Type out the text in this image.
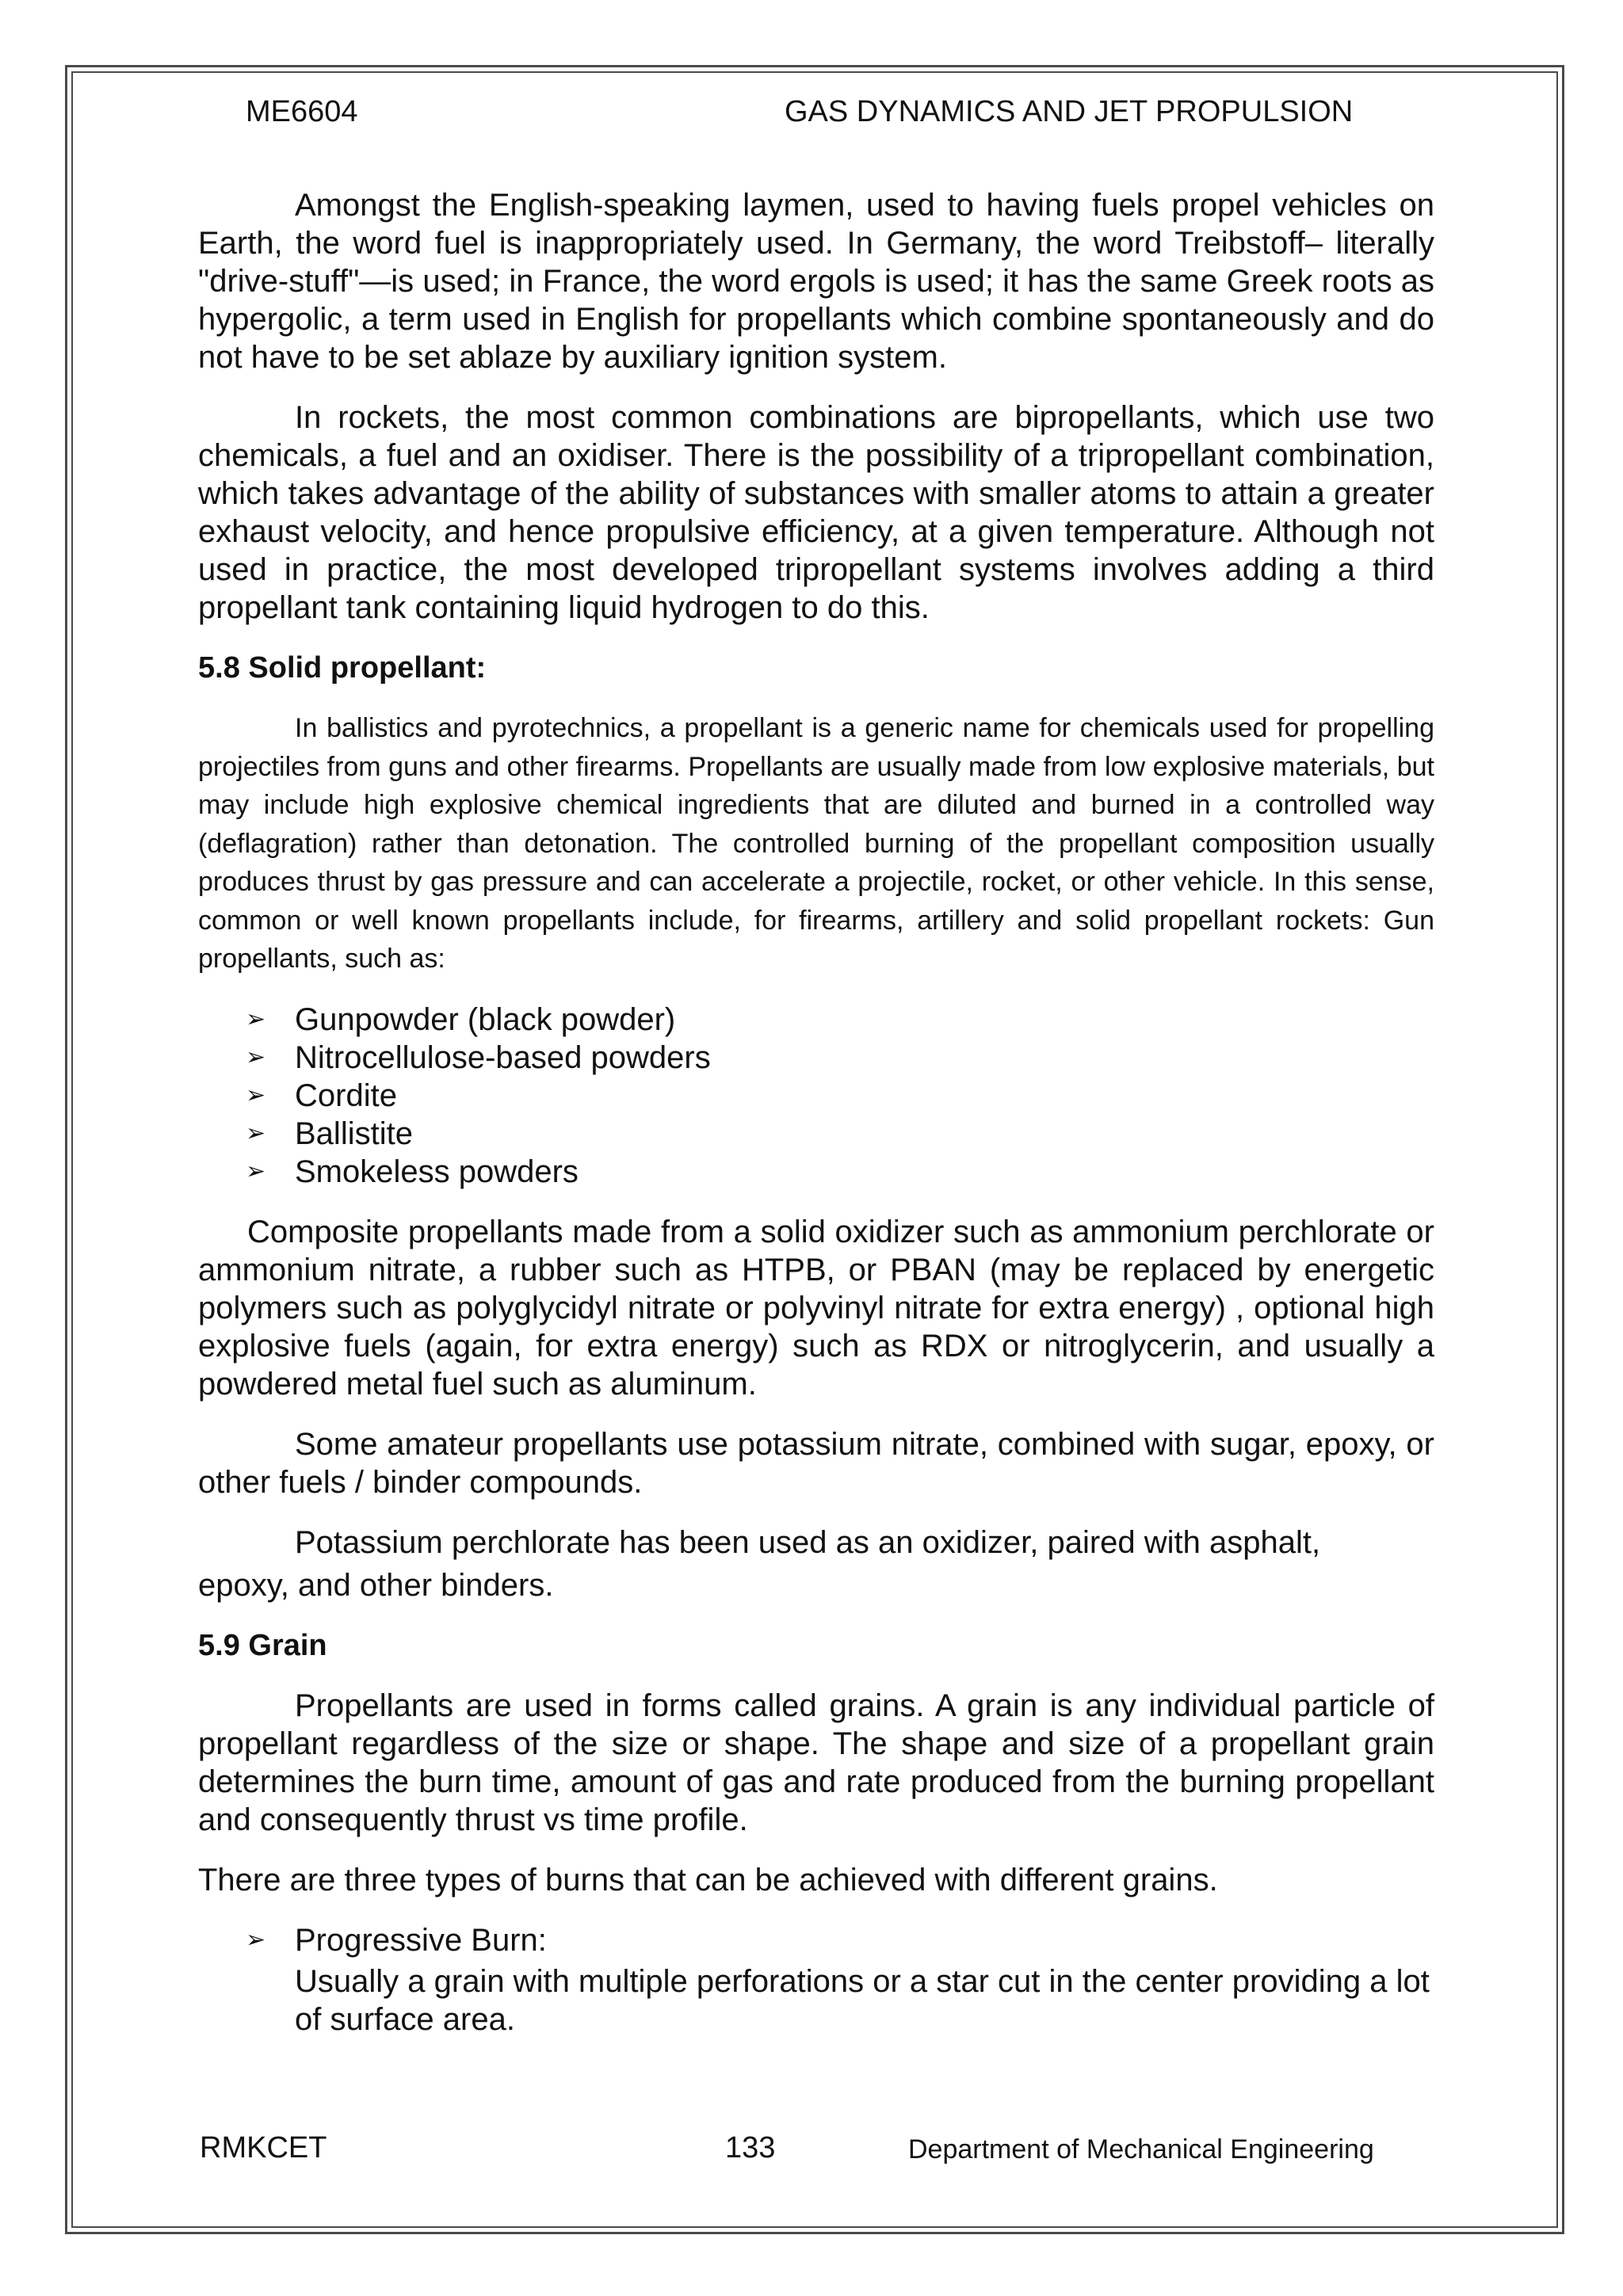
ME6604	GAS DYNAMICS AND JET PROPULSION

Amongst the English-speaking laymen, used to having fuels propel vehicles on Earth, the word fuel is inappropriately used. In Germany, the word Treibstoff– literally "drive-stuff"—is used; in France, the word ergols is used; it has the same Greek roots as hypergolic, a term used in English for propellants which combine spontaneously and do not have to be set ablaze by auxiliary ignition system.

In rockets, the most common combinations are bipropellants, which use two chemicals, a fuel and an oxidiser. There is the possibility of a tripropellant combination, which takes advantage of the ability of substances with smaller atoms to attain a greater exhaust velocity, and hence propulsive efficiency, at a given temperature. Although not used in practice, the most developed tripropellant systems involves adding a third propellant tank containing liquid hydrogen to do this.

5.8 Solid propellant:

In ballistics and pyrotechnics, a propellant is a generic name for chemicals used for propelling projectiles from guns and other firearms. Propellants are usually made from low explosive materials, but may include high explosive chemical ingredients that are diluted and burned in a controlled way (deflagration) rather than detonation. The controlled burning of the propellant composition usually produces thrust by gas pressure and can accelerate a projectile, rocket, or other vehicle. In this sense, common or well known propellants include, for firearms, artillery and solid propellant rockets: Gun propellants, such as:

➢ Gunpowder (black powder)
➢ Nitrocellulose-based powders
➢ Cordite
➢ Ballistite
➢ Smokeless powders

Composite propellants made from a solid oxidizer such as ammonium perchlorate or ammonium nitrate, a rubber such as HTPB, or PBAN (may be replaced by energetic polymers such as polyglycidyl nitrate or polyvinyl nitrate for extra energy) , optional high explosive fuels (again, for extra energy) such as RDX or nitroglycerin, and usually a powdered metal fuel such as aluminum.

Some amateur propellants use potassium nitrate, combined with sugar, epoxy, or other fuels / binder compounds.

Potassium perchlorate has been used as an oxidizer, paired with asphalt,
epoxy, and other binders.

5.9 Grain

Propellants are used in forms called grains. A grain is any individual particle of propellant regardless of the size or shape. The shape and size of a propellant grain determines the burn time, amount of gas and rate produced from the burning propellant and consequently thrust vs time profile.

There are three types of burns that can be achieved with different grains.

➢ Progressive Burn:
Usually a grain with multiple perforations or a star cut in the center providing a lot of surface area.
RMKCET	133	Department of Mechanical Engineering
